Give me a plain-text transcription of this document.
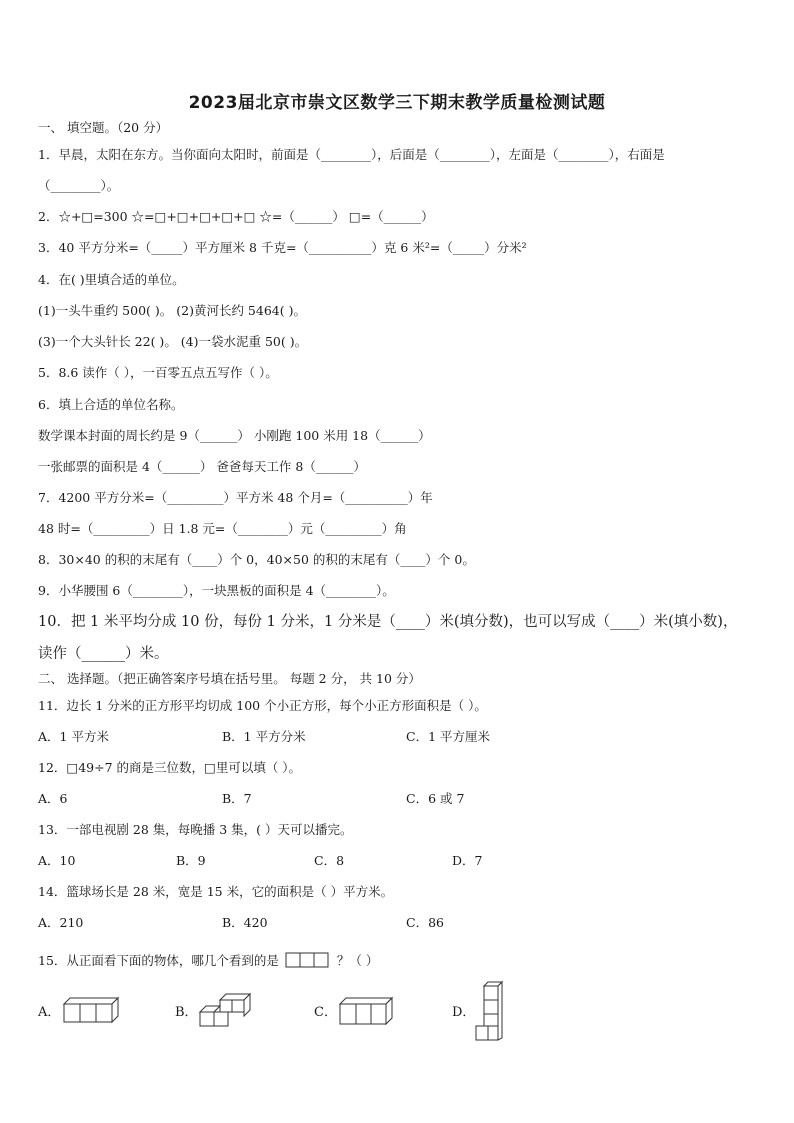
2023届北京市崇文区数学三下期末教学质量检测试题
一、 填空题。（20 分）
1．早晨，太阳在东方。当你面向太阳时，前面是（________），后面是（________），左面是（________），右面是
（________）。
2．☆+□=300 ☆=□+□+□+□+□ ☆=（______） □=（______）
3．40 平方分米=（_____）平方厘米 8 千克=（__________）克 6 米²=（_____）分米²
4．在( )里填合适的单位。
(1)一头牛重约 500( )。 (2)黄河长约 5464( )。
(3)一个大头针长 22( )。 (4)一袋水泥重 50( )。
5．8.6 读作（ ），一百零五点五写作（ ）。
6．填上合适的单位名称。
数学课本封面的周长约是 9（______） 小刚跑 100 米用 18（______）
一张邮票的面积是 4（______） 爸爸每天工作 8（______）
7．4200 平方分米=（_________）平方米 48 个月=（__________）年
48 时=（_________）日 1.8 元=（________）元（_________）角
8．30×40 的积的末尾有（____）个 0，40×50 的积的末尾有（____）个 0。
9．小华腰围 6（________），一块黑板的面积是 4（________）。
10．把 1 米平均分成 10 份，每份 1 分米，1 分米是（____）米(填分数)，也可以写成（____）米(填小数)，
读作（______）米。
二、 选择题。（把正确答案序号填在括号里。 每题 2 分， 共 10 分）
11．边长 1 分米的正方形平均切成 100 个小正方形，每个小正方形面积是（ ）。
A．1 平方米	B．1 平方分米	C．1 平方厘米
12．□49÷7 的商是三位数，□里可以填（ ）。
A．6	B．7	C．6 或 7
13．一部电视剧 28 集，每晚播 3 集，( ）天可以播完。
A．10	B．9	C．8	D．7
14．篮球场长是 28 米，宽是 15 米，它的面积是（ ）平方米。
A．210	B．420	C．86
15．从正面看下面的物体，哪几个看到的是	？（ ）
A．	B．	C．	D．
